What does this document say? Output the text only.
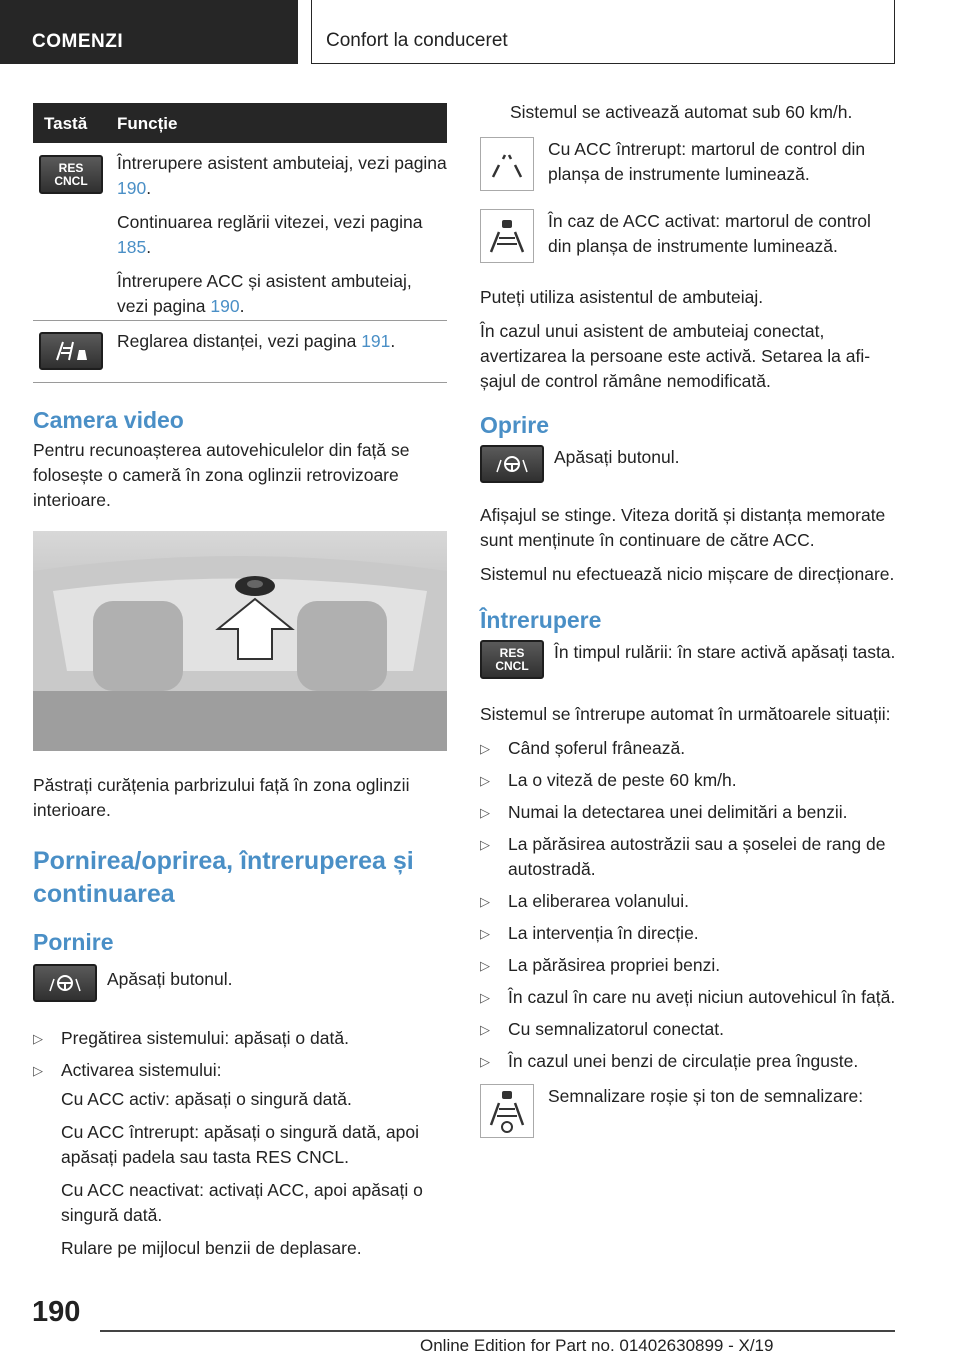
COMENZI	Confort la conduceret
Tastă Funcție
RES
CNCL

Întrerupere asistent ambuteiaj, vezi pagina 190.

Continuarea reglării vitezei, vezi pagina 185.

Întrerupere ACC și asistent ambuteiaj, vezi pagina 190.

Reglarea distanței, vezi pagina 191.

Camera video

Pentru recunoașterea autovehiculelor din față se folosește o cameră în zona oglinzii retrovizoare interioare.

Păstrați curățenia parbrizului față în zona oglinzii interioare.

Pornirea/oprirea, întreruperea și continuarea
Pornire

Apăsați butonul.

▷ Pregătirea sistemului: apăsați o dată.
▷ Activarea sistemului:

Cu ACC activ: apăsați o singură dată.

Cu ACC întrerupt: apăsați o singură dată, apoi apăsați padela sau tasta RES CNCL.

Cu ACC neactivat: activați ACC, apoi apăsați o singură dată.

Rulare pe mijlocul benzii de deplasare.

Sistemul se activează automat sub 60 km/h.

Cu ACC întrerupt: martorul de control din planșa de instrumente luminează.

În caz de ACC activat: martorul de control din planșa de instrumente luminează.

Puteți utiliza asistentul de ambuteiaj.

În cazul unui asistent de ambuteiaj conectat, avertizarea la persoane este activă. Setarea la afișajul de control rămâne nemodificată.

Oprire

Apăsați butonul.

Afișajul se stinge. Viteza dorită și distanța memorate sunt menținute în continuare de către ACC.

Sistemul nu efectuează nicio mișcare de direcționare.

Întrerupere
RES
CNCL

În timpul rulării: în stare activă apăsați tasta.

Sistemul se întrerupe automat în următoarele situații:

▷ Când șoferul frânează.
▷ La o viteză de peste 60 km/h.
▷ Numai la detectarea unei delimitări a benzii.
▷ La părăsirea autostrăzii sau a șoselei de rang de autostradă.
▷ La eliberarea volanului.
▷ La intervenția în direcție.
▷ La părăsirea propriei benzi.
▷ În cazul în care nu aveți niciun autovehicul în față.
▷ Cu semnalizatorul conectat.
▷ În cazul unei benzi de circulație prea înguste.

Semnalizare roșie și ton de semnalizare:

190
Online Edition for Part no. 01402630899 - X/19
